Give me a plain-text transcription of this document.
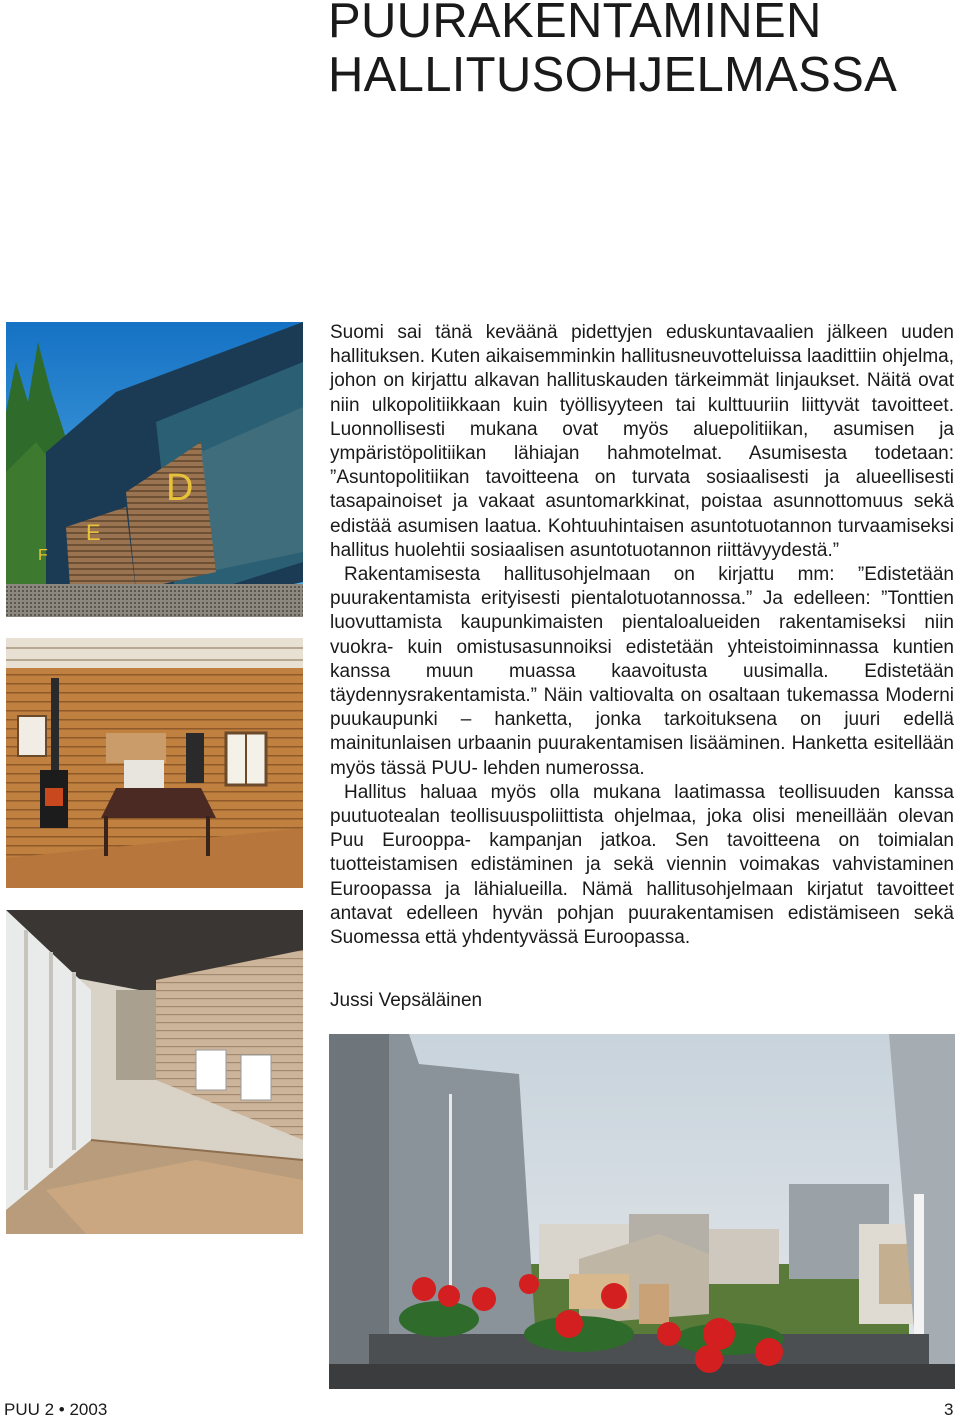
PUURAKENTAMINEN
HALLITUSOHJELMASSA
D
E
F

Suomi sai tänä keväänä pidettyjen eduskuntavaalien jälkeen uuden hallituksen. Kuten aikaisemminkin hallitusneuvotteluissa laadittiin ohjelma, johon on kirjattu alkavan hallituskauden tärkeimmät linjaukset. Näitä ovat niin ulkopolitiikkaan kuin työllisyyteen tai kulttuuriin liittyvät tavoitteet. Luonnollisesti mukana ovat myös aluepolitiikan, asumisen ja ympäristöpolitiikan lähiajan hahmotelmat. Asumisesta todetaan: ”Asuntopolitiikan tavoitteena on turvata sosiaalisesti ja alueellisesti tasapainoiset ja vakaat asuntomarkkinat, poistaa asunnottomuus sekä edistää asumisen laatua. Kohtuuhintaisen asuntotuotannon turvaamiseksi hallitus huolehtii sosiaalisen asuntotuotannon riittävyydestä.”

Rakentamisesta hallitusohjelmaan on kirjattu mm: ”Edistetään puurakentamista erityisesti pientalotuotannossa.” Ja edelleen: ”Tonttien luovuttamista kaupunkimaisten pientaloalueiden rakentamiseksi niin vuokra- kuin omistusasunnoiksi edistetään yhteistoiminnassa kuntien kanssa muun muassa kaavoitusta uusimalla. Edistetään täydennysrakentamista.” Näin valtiovalta on osaltaan tukemassa Moderni puukaupunki – hanketta, jonka tarkoituksena on juuri edellä mainitunlaisen urbaanin puurakentamisen lisääminen. Hanketta esitellään myös tässä PUU- lehden numerossa.

Hallitus haluaa myös olla mukana laatimassa teollisuuden kanssa puutuotealan teollisuuspoliittista ohjelmaa, joka olisi meneillään olevan Puu Eurooppa- kampanjan jatkoa. Sen tavoitteena on toimialan tuotteistamisen edistäminen ja sekä viennin voimakas vahvistaminen Euroopassa ja lähialueilla. Nämä hallitusohjelmaan kirjatut tavoitteet antavat edelleen hyvän pohjan puurakentamisen edistämiseen sekä Suomessa että yhdentyvässä Euroopassa.

Jussi Vepsäläinen
PUU 2 • 2003	3
